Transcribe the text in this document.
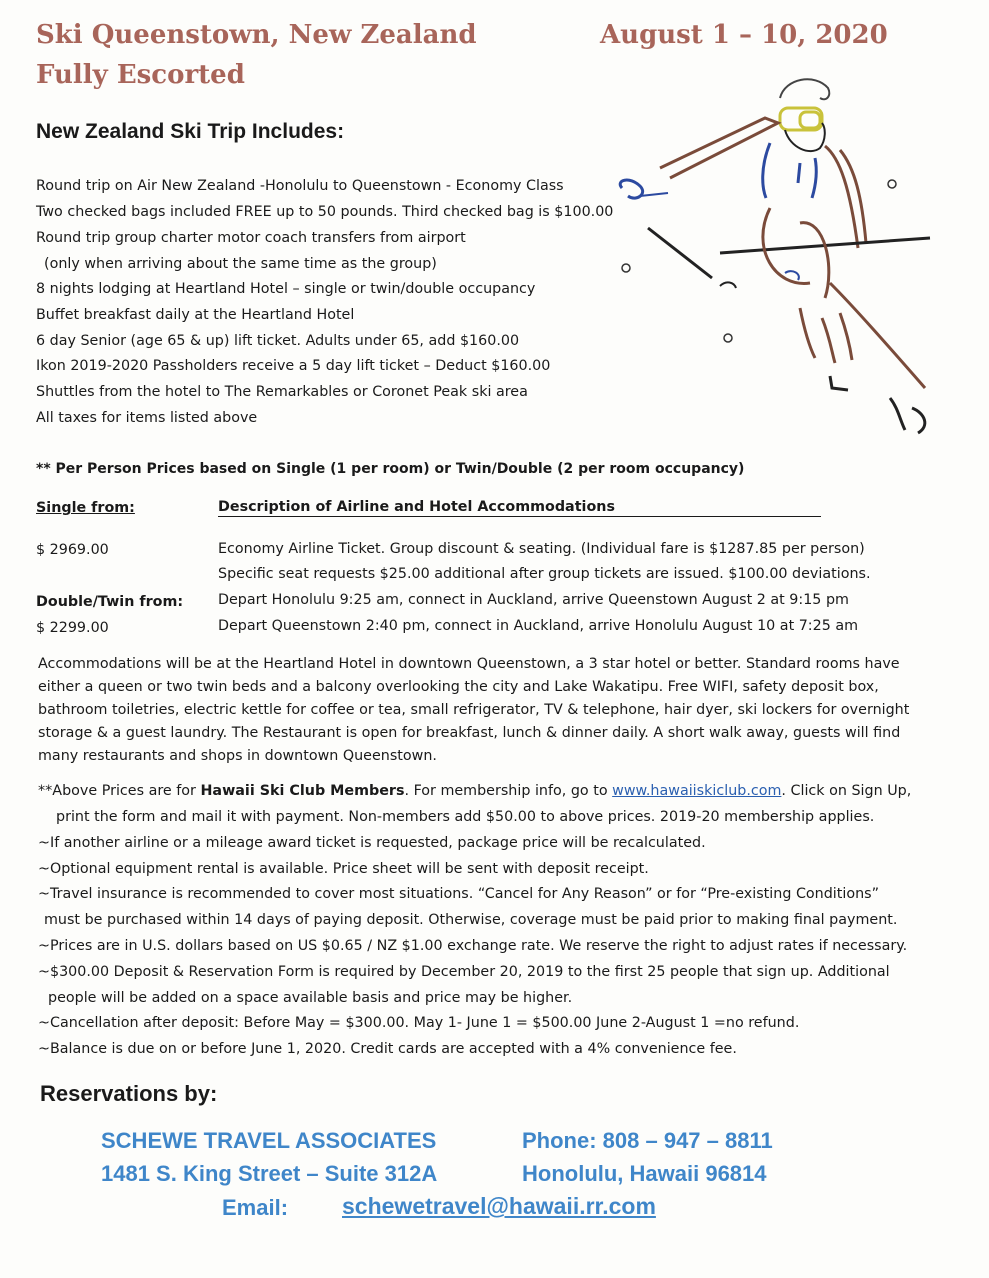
Ski Queenstown, New Zealand	August 1 – 10, 2020
Fully Escorted
New Zealand Ski Trip Includes:
Round trip on Air New Zealand -Honolulu to Queenstown - Economy Class
Two checked bags included FREE up to 50 pounds. Third checked bag is $100.00
Round trip group charter motor coach transfers from airport
(only when arriving about the same time as the group)
8 nights lodging at Heartland Hotel – single or twin/double occupancy
Buffet breakfast daily at the Heartland Hotel
6 day Senior (age 65 & up) lift ticket. Adults under 65, add $160.00
Ikon 2019-2020 Passholders receive a 5 day lift ticket – Deduct $160.00
Shuttles from the hotel to The Remarkables or Coronet Peak ski area
All taxes for items listed above
** Per Person Prices based on Single (1 per room) or Twin/Double (2 per room occupancy)
Single from:	Description of Airline and Hotel Accommodations
$ 2969.00
Double/Twin from:
$ 2299.00
Economy Airline Ticket. Group discount & seating. (Individual fare is $1287.85 per person)
Specific seat requests $25.00 additional after group tickets are issued. $100.00 deviations.
Depart Honolulu 9:25 am, connect in Auckland, arrive Queenstown August 2 at 9:15 pm
Depart Queenstown 2:40 pm, connect in Auckland, arrive Honolulu August 10 at 7:25 am
Accommodations will be at the Heartland Hotel in downtown Queenstown, a 3 star hotel or better. Standard rooms have either a queen or two twin beds and a balcony overlooking the city and Lake Wakatipu. Free WIFI, safety deposit box, bathroom toiletries, electric kettle for coffee or tea, small refrigerator, TV & telephone, hair dyer, ski lockers for overnight storage & a guest laundry. The Restaurant is open for breakfast, lunch & dinner daily. A short walk away, guests will find many restaurants and shops in downtown Queenstown.
**Above Prices are for Hawaii Ski Club Members. For membership info, go to www.hawaiiskiclub.com. Click on Sign Up,
print the form and mail it with payment. Non-members add $50.00 to above prices. 2019-20 membership applies.
~If another airline or a mileage award ticket is requested, package price will be recalculated.
~Optional equipment rental is available. Price sheet will be sent with deposit receipt.
~Travel insurance is recommended to cover most situations. “Cancel for Any Reason” or for “Pre-existing Conditions”
must be purchased within 14 days of paying deposit. Otherwise, coverage must be paid prior to making final payment.
~Prices are in U.S. dollars based on US $0.65 / NZ $1.00 exchange rate. We reserve the right to adjust rates if necessary.
~$300.00 Deposit & Reservation Form is required by December 20, 2019 to the first 25 people that sign up. Additional
people will be added on a space available basis and price may be higher.
~Cancellation after deposit: Before May = $300.00. May 1- June 1 = $500.00 June 2-August 1 =no refund.
~Balance is due on or before June 1, 2020. Credit cards are accepted with a 4% convenience fee.
Reservations by:
SCHEWE TRAVEL ASSOCIATES
1481 S. King Street – Suite 312A
Phone: 808 – 947 – 8811
Honolulu, Hawaii 96814
Email: schewetravel@hawaii.rr.com
